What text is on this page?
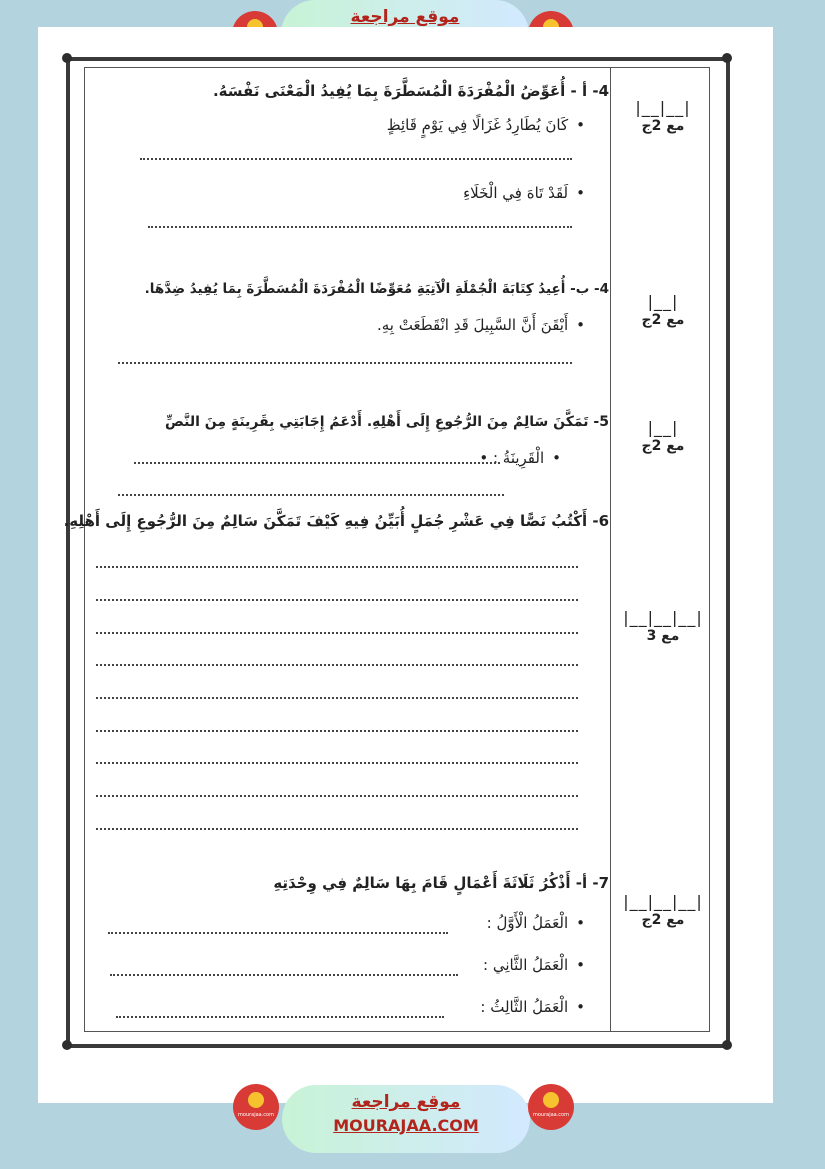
موقع مراجعة
4- أ - أُعَوِّضُ الْمُفْرَدَةَ الْمُسَطَّرَةَ بِمَا يُفِيدُ الْمَعْنَى نَفْسَهُ.
• كَانَ يُطَارِدُ غَزَالًا فِي يَوْمٍ قَائِظٍ
• لَقَدْ تَاهَ فِي الْخَلَاءِ
|__|__|
مع 2ج
4- ب- أُعِيدُ كِتَابَةَ الْجُمْلَةِ الْآتِيَةِ مُعَوِّضًا الْمُفْرَدَةَ الْمُسَطَّرَةَ بِمَا يُفِيدُ ضِدَّهَا.
• أَيْقَنَ أَنَّ السَّبِيلَ قَدِ انْقَطَعَتْ بِهِ.
|__|
مع 2ج
5- تَمَكَّنَ سَالِمٌ مِنَ الرُّجُوعِ إِلَى أَهْلِهِ. أَدْعَمُ إِجَابَتِي بِقَرِينَةٍ مِنَ النَّصِّ
• الْقَرِينَةُ : •
|__|
مع 2ج
6- أَكْتُبُ نَصًّا فِي عَشْرِ جُمَلٍ أُبَيِّنُ فِيهِ كَيْفَ تَمَكَّنَ سَالِمٌ مِنَ الرُّجُوعِ إِلَى أَهْلِهِ.
|__|__|__|
مع 3
7- أ- أَذْكُرُ ثَلَاثَةَ أَعْمَالٍ قَامَ بِهَا سَالِمٌ فِي وِحْدَتِهِ
• الْعَمَلُ الْأَوَّلُ :
• الْعَمَلُ الثَّانِي :
• الْعَمَلُ الثَّالِثُ :
|__|__|__|
مع 2ج
mourajaa.com
موقع مراجعة
MOURAJAA.COM
mourajaa.com
